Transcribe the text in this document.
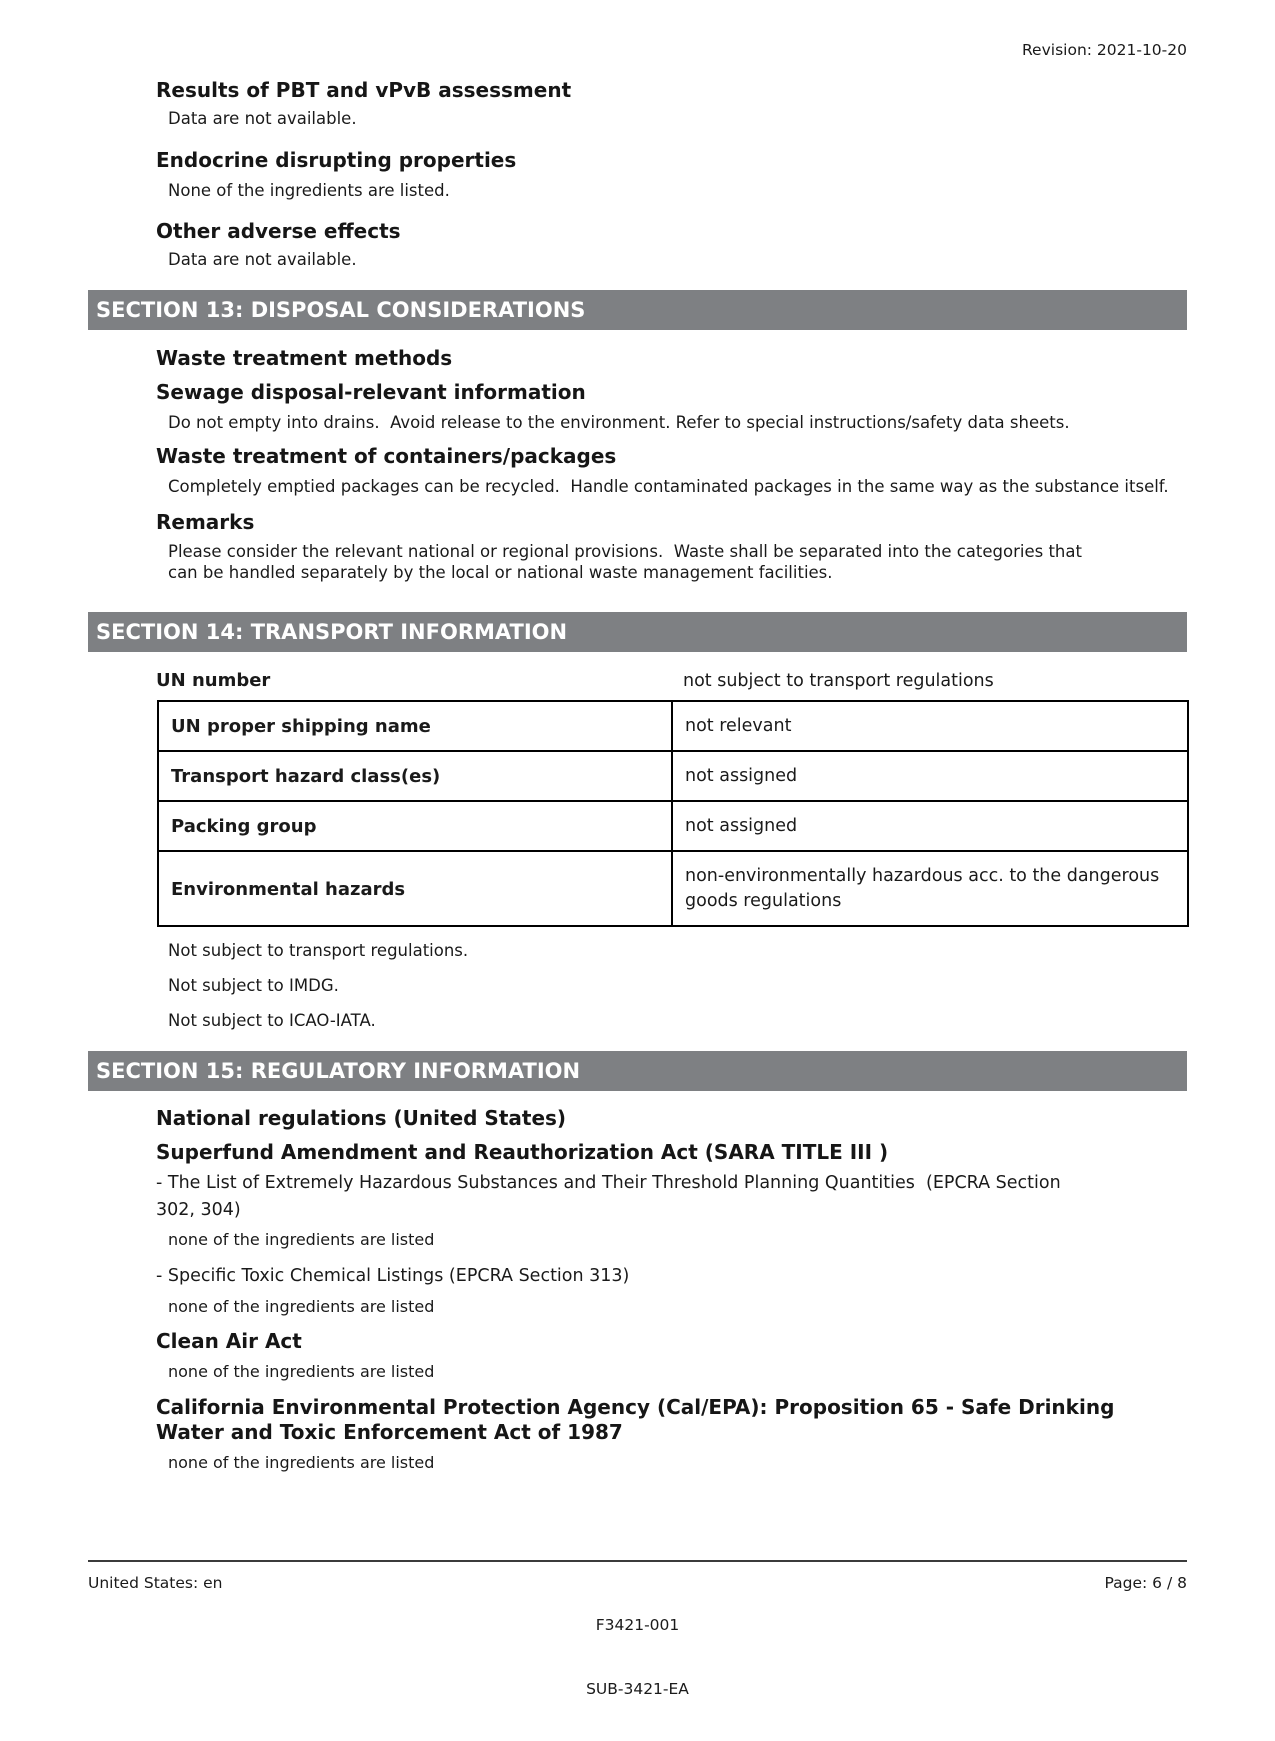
Revision: 2021-10-20
Results of PBT and vPvB assessment

Data are not available.

Endocrine disrupting properties

None of the ingredients are listed.

Other adverse effects

Data are not available.

SECTION 13: DISPOSAL CONSIDERATIONS
Waste treatment methods
Sewage disposal-relevant information

Do not empty into drains.  Avoid release to the environment. Refer to special instructions/safety data sheets.

Waste treatment of containers/packages

Completely emptied packages can be recycled.  Handle contaminated packages in the same way as the substance itself.

Remarks

Please consider the relevant national or regional provisions.  Waste shall be separated into the categories that can be handled separately by the local or national waste management facilities.

SECTION 14: TRANSPORT INFORMATION
UN number	not subject to transport regulations
UN proper shipping name	not relevant
Transport hazard class(es)	not assigned
Packing group	not assigned
Environmental hazards	non-environmentally hazardous acc. to the dangerous goods regulations

Not subject to transport regulations.

Not subject to IMDG.

Not subject to ICAO-IATA.

SECTION 15: REGULATORY INFORMATION
National regulations (United States)
Superfund Amendment and Reauthorization Act (SARA TITLE III )

- The List of Extremely Hazardous Substances and Their Threshold Planning Quantities  (EPCRA Section 302, 304)

none of the ingredients are listed

- Specific Toxic Chemical Listings (EPCRA Section 313)

none of the ingredients are listed

Clean Air Act

none of the ingredients are listed

California Environmental Protection Agency (Cal/EPA): Proposition 65 - Safe Drinking Water and Toxic Enforcement Act of 1987

none of the ingredients are listed

United States: en

F3421-001

SUB-3421-EA

Page: 6 / 8
